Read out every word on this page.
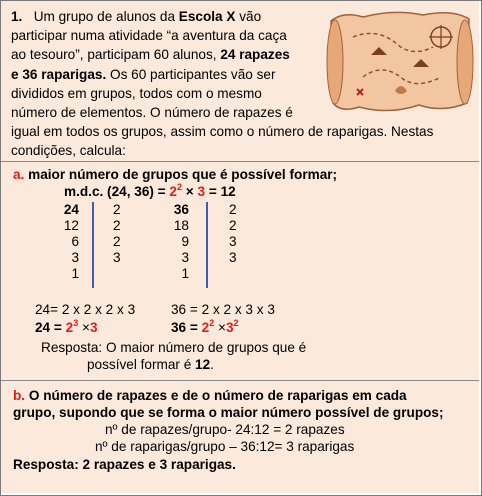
1. Um grupo de alunos da Escola X vão
participar numa atividade “a aventura da caça
ao tesouro”, participam 60 alunos, 24 rapazes
e 36 raparigas. Os 60 participantes vão ser
divididos em grupos, todos com o mesmo
número de elementos. O número de rapazes é
igual em todos os grupos, assim como o número de raparigas. Nestas
condições, calcula:
a. maior número de grupos que é possível formar;
m.d.c. (24, $36) = 2^2 \times 3 = 12$
24
12
6
3
1
2
2
2
3
36
18
9
3
1
2
2
3
3
24= 2 x 2 x 2 x 3	36 = 2 x 2 x 3 x 3
$24 = 2^3 \times 3$	$36 = 2^2 \times 3^2$
Resposta: O maior número de grupos que é
possível formar é 12.
b. O número de rapazes e de o número de raparigas em cada
grupo, supondo que se forma o maior número possível de grupos;
nº de rapazes/grupo- 24:12 = 2 rapazes
nº de raparigas/grupo – 36:12= 3 raparigas
Resposta: 2 rapazes e 3 raparigas.
